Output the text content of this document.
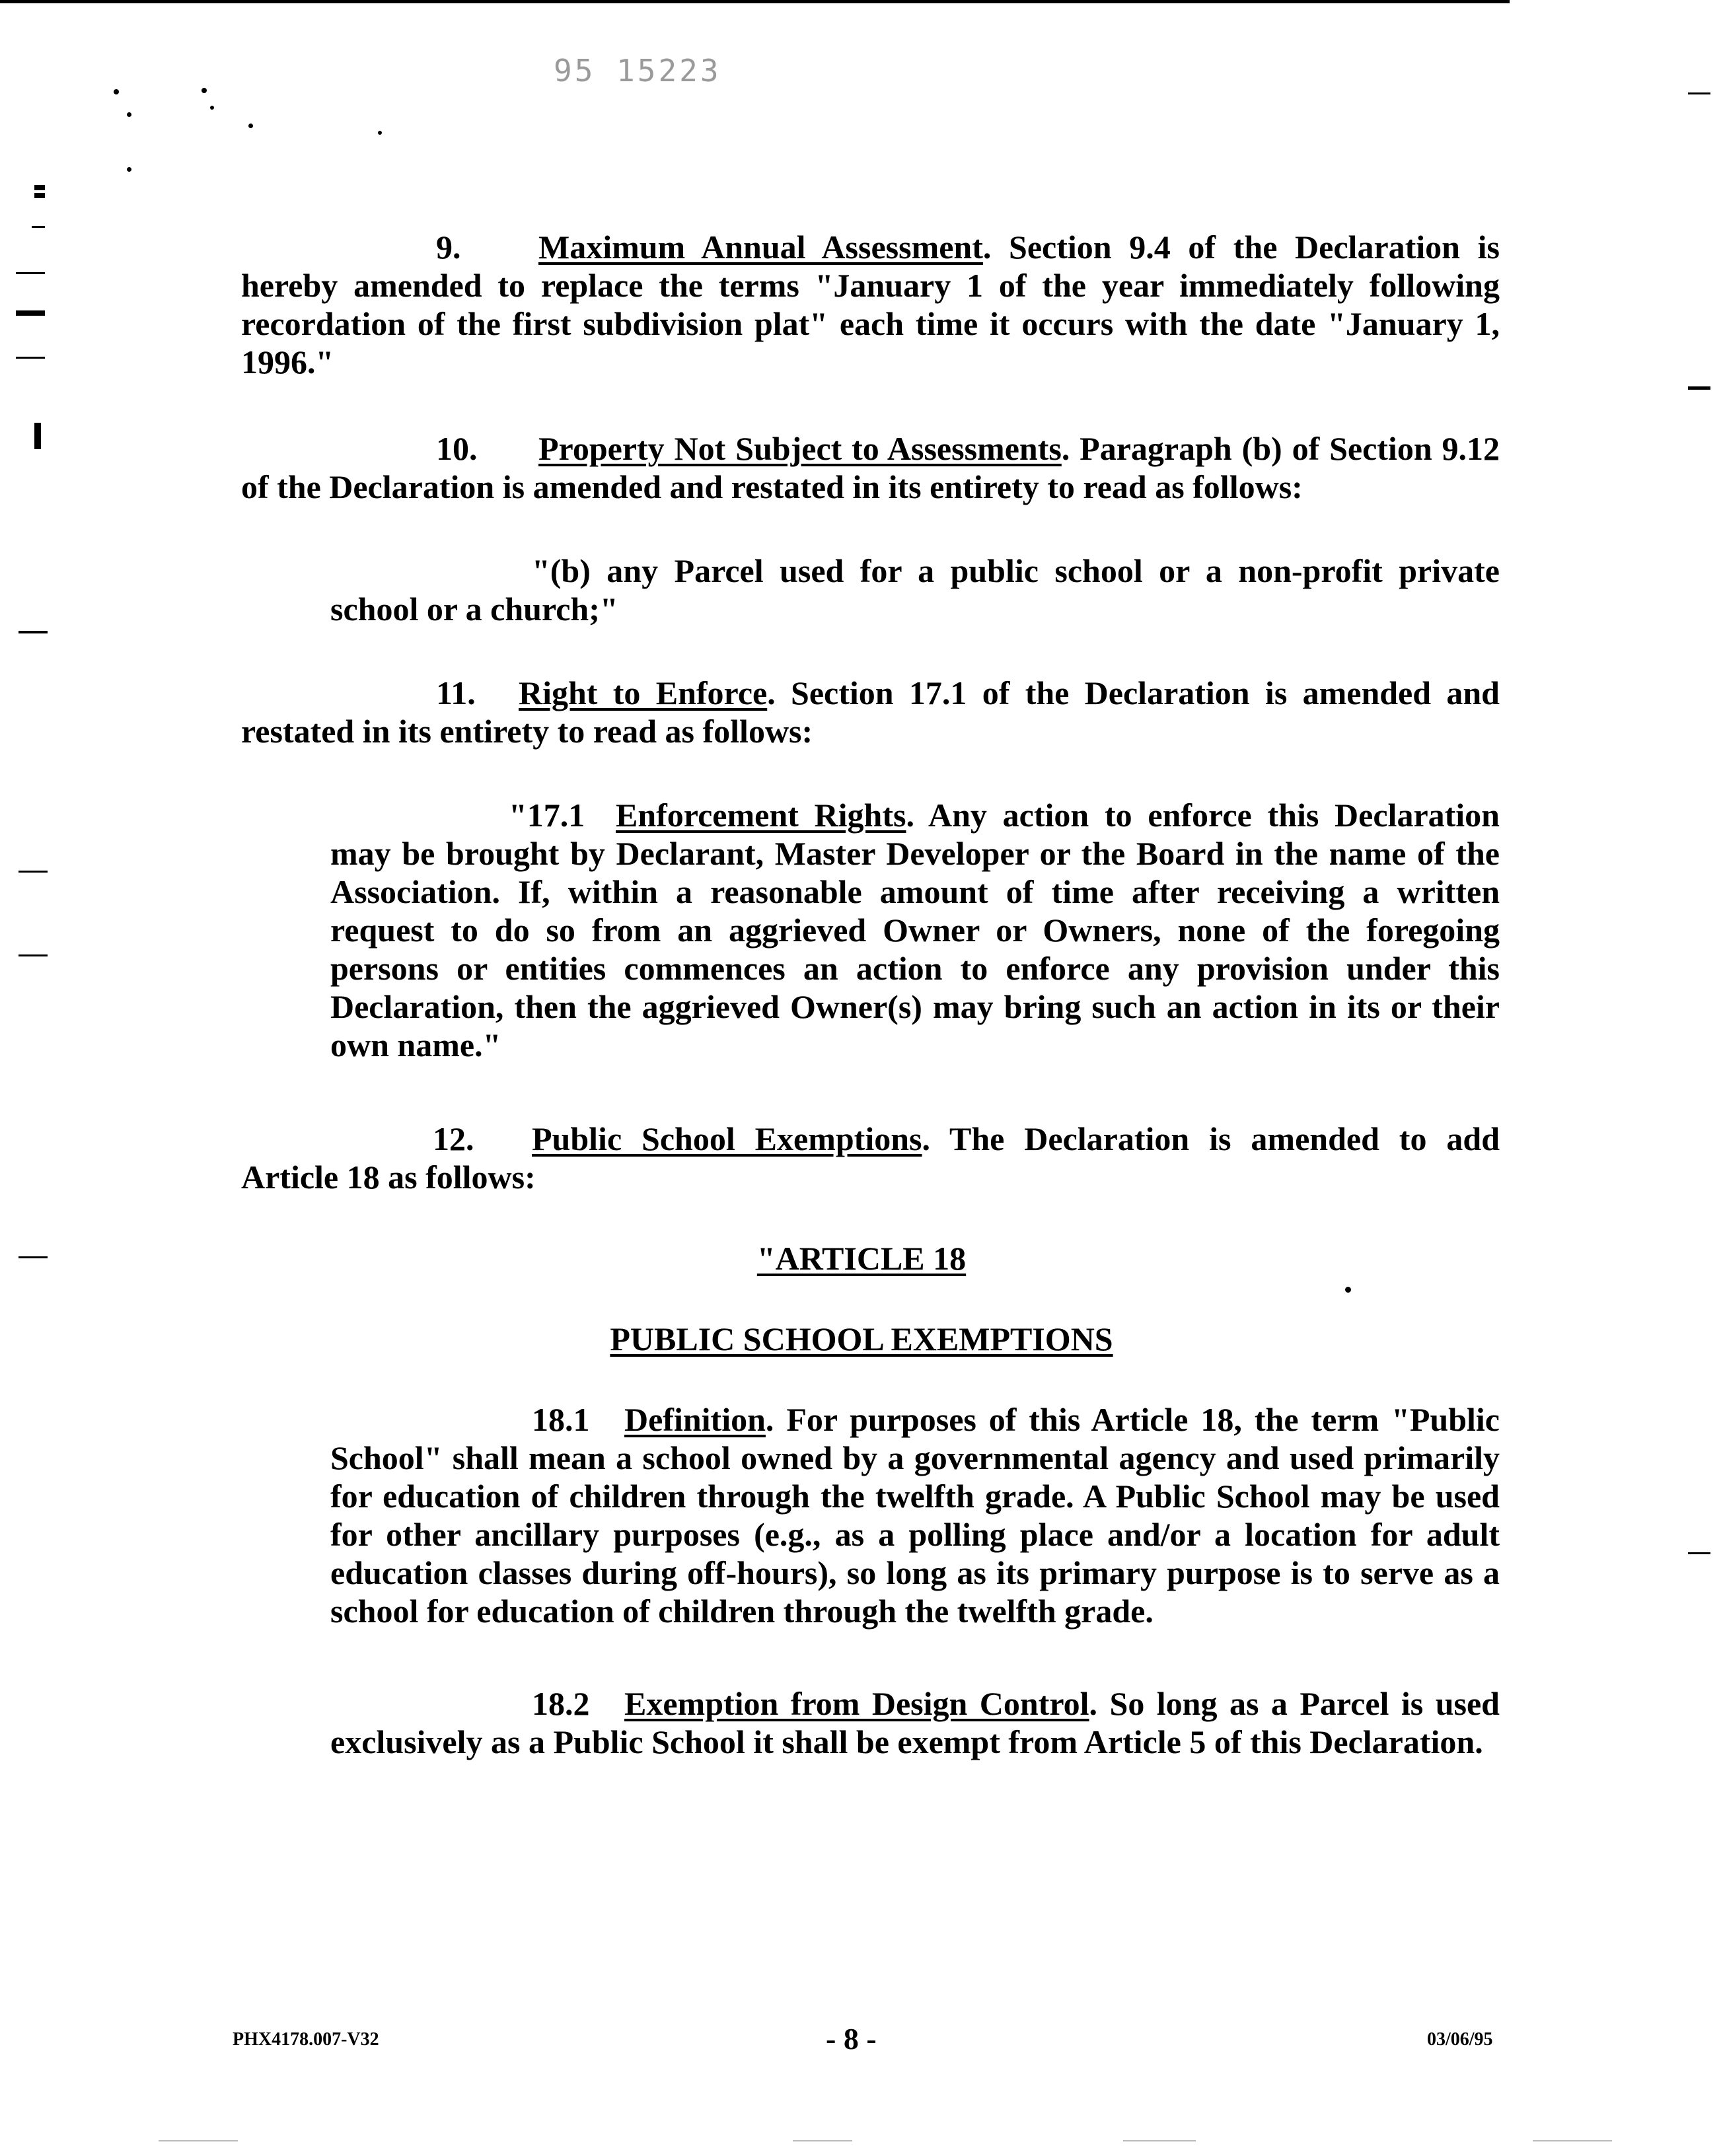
95 15223
9. Maximum Annual Assessment. Section 9.4 of the Declaration is hereby amended to replace the terms "January 1 of the year immediately following recordation of the first subdivision plat" each time it occurs with the date "January 1, 1996."
10. Property Not Subject to Assessments. Paragraph (b) of Section 9.12 of the Declaration is amended and restated in its entirety to read as follows:
"(b) any Parcel used for a public school or a non-profit private school or a church;"
11. Right to Enforce. Section 17.1 of the Declaration is amended and restated in its entirety to read as follows:
"17.1 Enforcement Rights. Any action to enforce this Declaration may be brought by Declarant, Master Developer or the Board in the name of the Association. If, within a reasonable amount of time after receiving a written request to do so from an aggrieved Owner or Owners, none of the foregoing persons or entities commences an action to enforce any provision under this Declaration, then the aggrieved Owner(s) may bring such an action in its or their own name."
12. Public School Exemptions. The Declaration is amended to add Article 18 as follows:
"ARTICLE 18
PUBLIC SCHOOL EXEMPTIONS
18.1 Definition. For purposes of this Article 18, the term "Public School" shall mean a school owned by a governmental agency and used primarily for education of children through the twelfth grade. A Public School may be used for other ancillary purposes (e.g., as a polling place and/or a location for adult education classes during off-hours), so long as its primary purpose is to serve as a school for education of children through the twelfth grade.
18.2 Exemption from Design Control. So long as a Parcel is used exclusively as a Public School it shall be exempt from Article 5 of this Declaration.
PHX4178.007-V32	- 8 -	03/06/95
